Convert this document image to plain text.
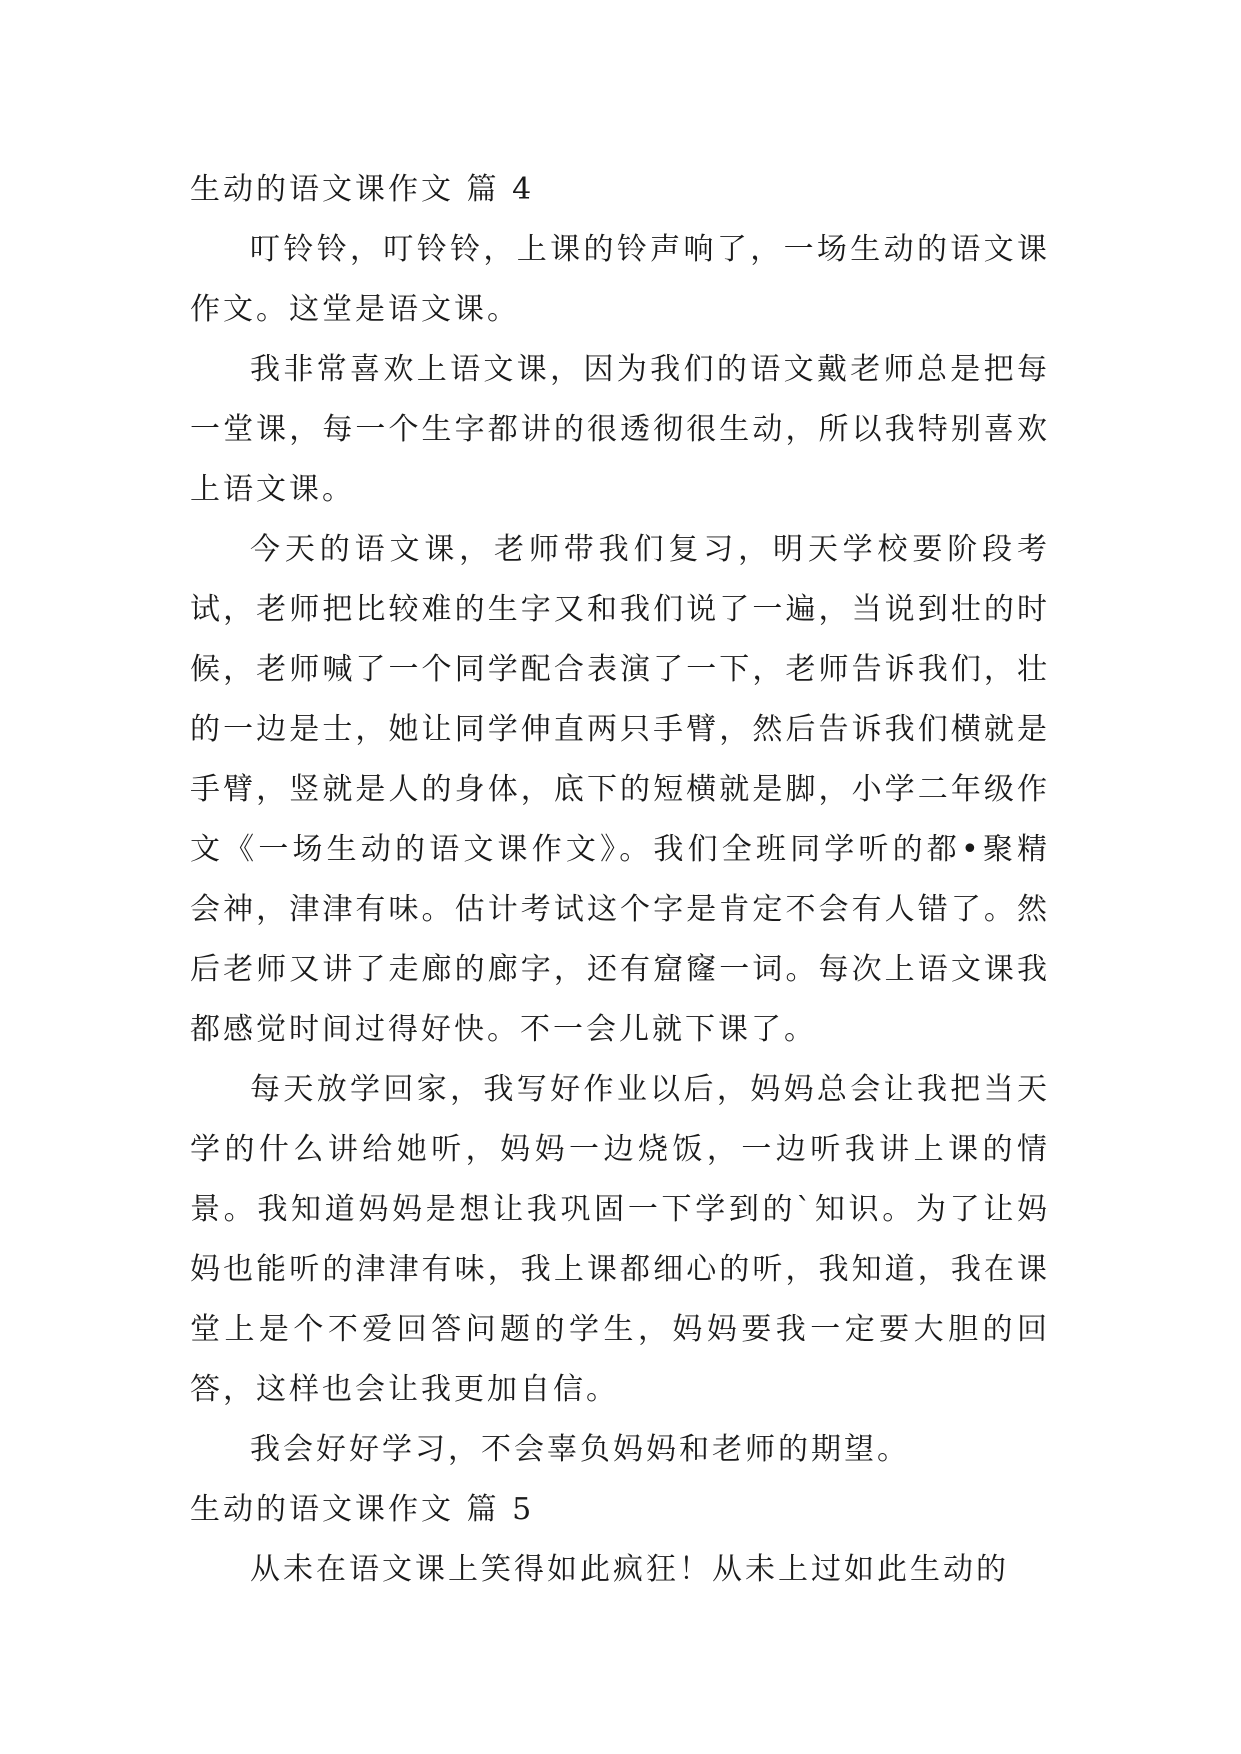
生动的语文课作文 篇 4

叮铃铃，叮铃铃，上课的铃声响了，一场生动的语文课作文。这堂是语文课。

我非常喜欢上语文课，因为我们的语文戴老师总是把每一堂课，每一个生字都讲的很透彻很生动，所以我特别喜欢上语文课。

今天的语文课，老师带我们复习，明天学校要阶段考试，老师把比较难的生字又和我们说了一遍，当说到壮的时候，老师喊了一个同学配合表演了一下，老师告诉我们，壮的一边是士，她让同学伸直两只手臂，然后告诉我们横就是手臂，竖就是人的身体，底下的短横就是脚，小学二年级作文《一场生动的语文课作文》。我们全班同学听的都•聚精会神，津津有味。估计考试这个字是肯定不会有人错了。然后老师又讲了走廊的廊字，还有窟窿一词。每次上语文课我都感觉时间过得好快。不一会儿就下课了。

每天放学回家，我写好作业以后，妈妈总会让我把当天学的什么讲给她听，妈妈一边烧饭，一边听我讲上课的情景。我知道妈妈是想让我巩固一下学到的`知识。为了让妈妈也能听的津津有味，我上课都细心的听，我知道，我在课堂上是个不爱回答问题的学生，妈妈要我一定要大胆的回答，这样也会让我更加自信。

我会好好学习，不会辜负妈妈和老师的期望。

生动的语文课作文 篇 5

从未在语文课上笑得如此疯狂！从未上过如此生动的
